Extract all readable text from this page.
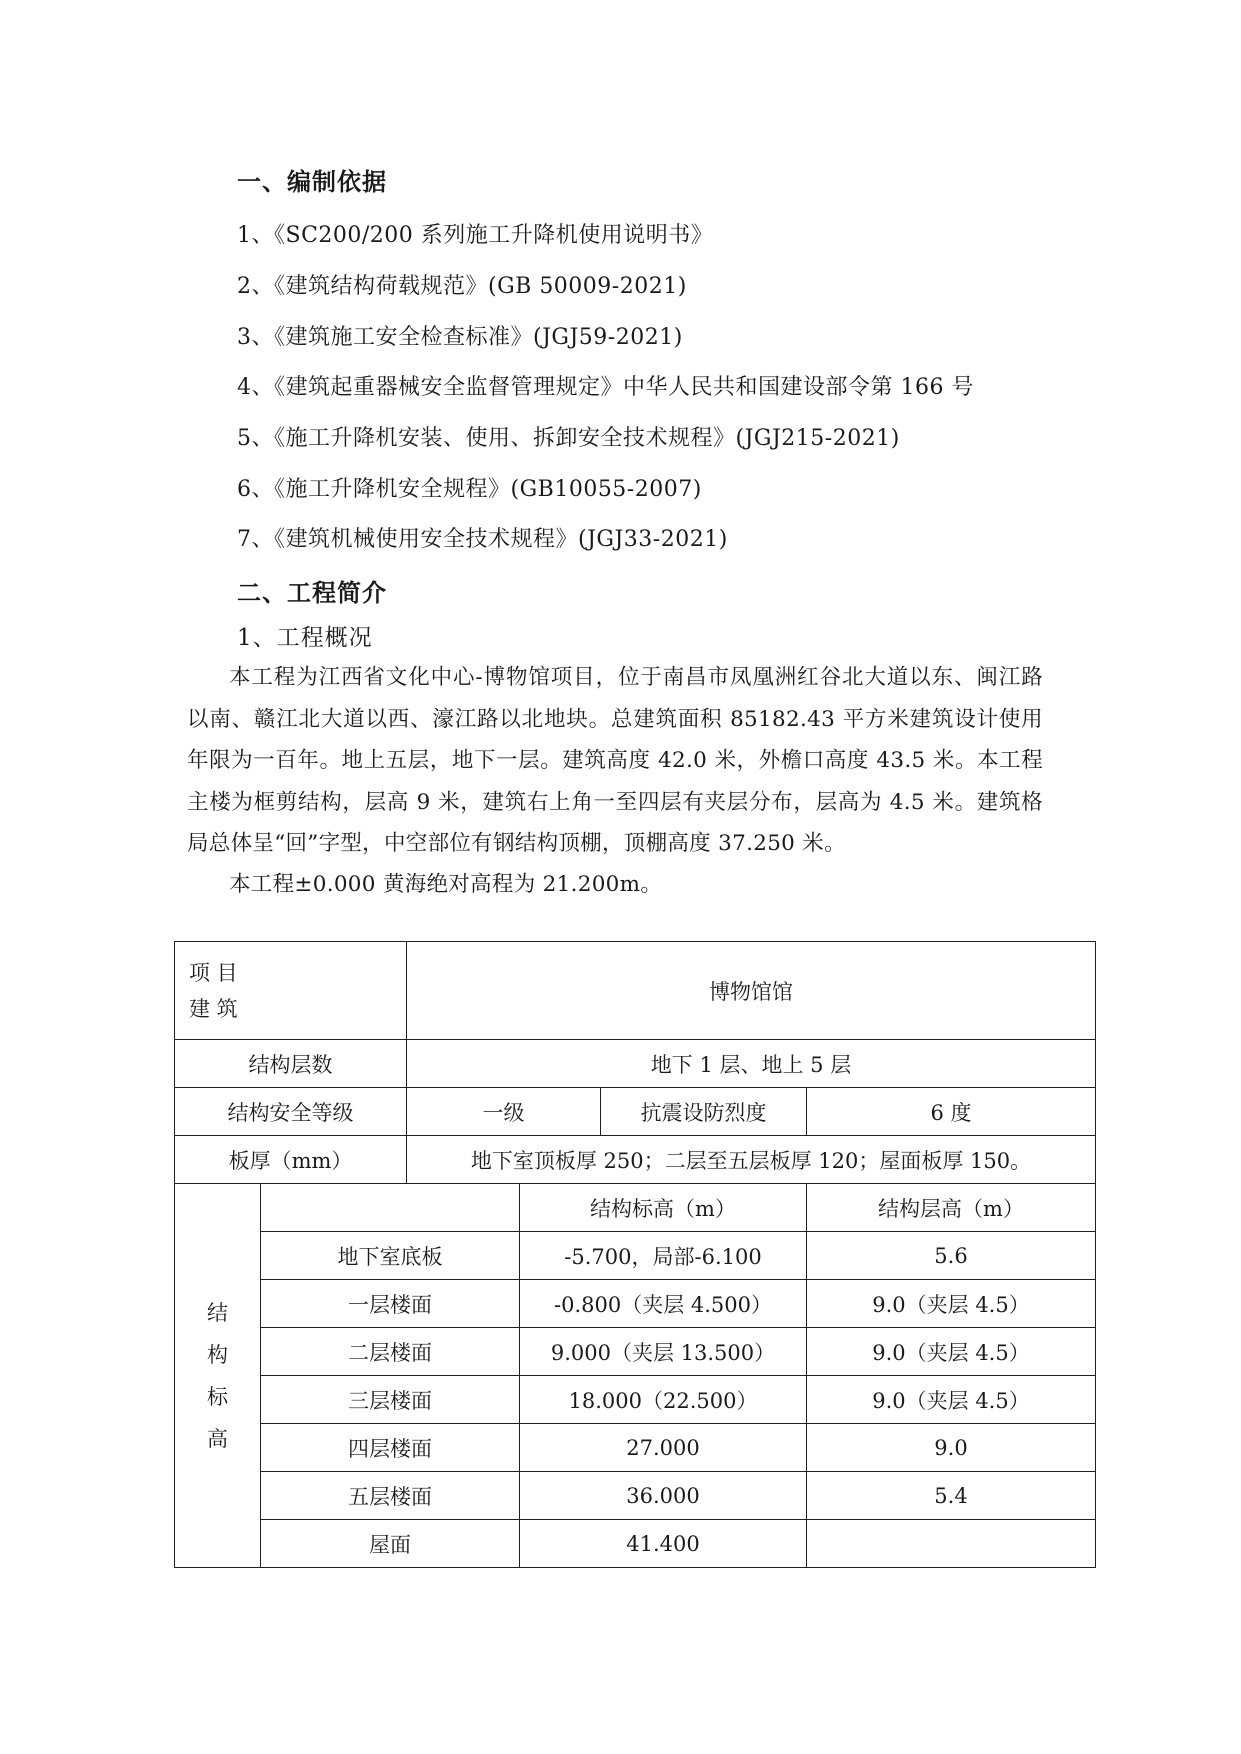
一、编制依据
1、《SC200/200 系列施工升降机使用说明书》
2、《建筑结构荷载规范》(GB 50009-2021)
3、《建筑施工安全检查标准》(JGJ59-2021)
4、《建筑起重器械安全监督管理规定》中华人民共和国建设部令第 166 号
5、《施工升降机安装、使用、拆卸安全技术规程》(JGJ215-2021)
6、《施工升降机安全规程》(GB10055-2007)
7、《建筑机械使用安全技术规程》(JGJ33-2021)
二、工程简介
1、工程概况
本工程为江西省文化中心-博物馆项目，位于南昌市凤凰洲红谷北大道以东、闽江路以南、赣江北大道以西、濠江路以北地块。总建筑面积 85182.43 平方米建筑设计使用年限为一百年。地上五层，地下一层。建筑高度 42.0 米，外檐口高度 43.5 米。本工程主楼为框剪结构，层高 9 米，建筑右上角一至四层有夹层分布，层高为 4.5 米。建筑格局总体呈“回”字型，中空部位有钢结构顶棚，顶棚高度 37.250 米。
本工程±0.000 黄海绝对高程为 21.200m。
项 目
建 筑		博物馆馆			
结构层数		地下 1 层、地上 5 层			
结构安全等级		一级		抗震设防烈度	6 度
板厚（mm）		地下室顶板厚 250；二层至五层板厚 120；屋面板厚 150。			

结
构
标
高			结构标高（m）		结构层高（m）
	地下室底板		-5.700，局部-6.100		5.6
	一层楼面		-0.800（夹层 4.500）		9.0（夹层 4.5）
	二层楼面		9.000（夹层 13.500）		9.0（夹层 4.5）
	三层楼面		18.000（22.500）		9.0（夹层 4.5）
	四层楼面		27.000		9.0
	五层楼面		36.000		5.4
	屋面		41.400		
